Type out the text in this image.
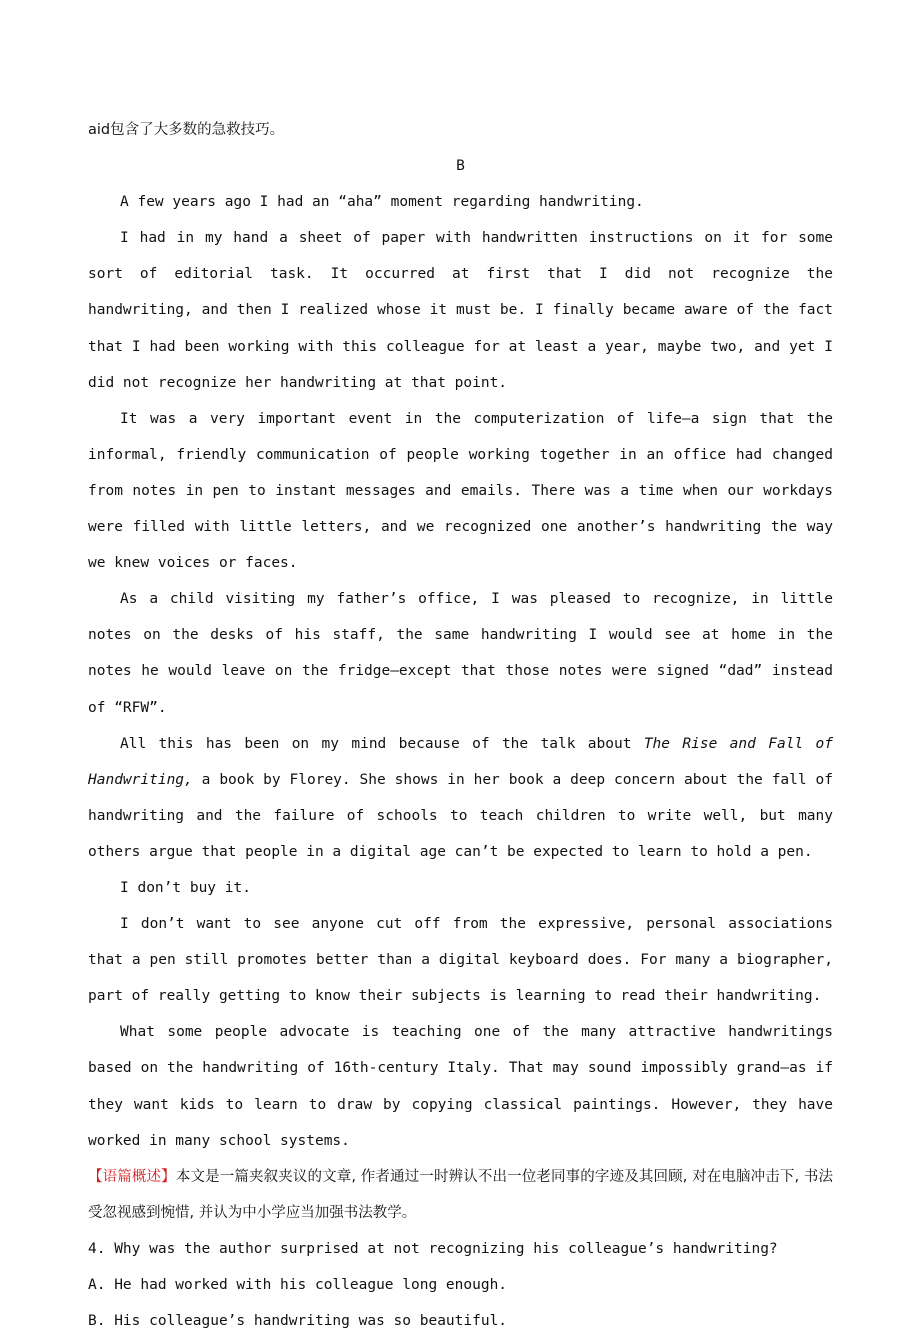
aid包含了大多数的急救技巧。
B

A few years ago I had an “aha” moment regarding handwriting.

I had in my hand a sheet of paper with handwritten instructions on it for some sort of editorial task. It occurred at first that I did not recognize the handwriting, and then I realized whose it must be. I finally became aware of the fact that I had been working with this colleague for at least a year, maybe two, and yet I did not recognize her handwriting at that point.

It was a very important event in the computerization of life—a sign that the informal, friendly communication of people working together in an office had changed from notes in pen to instant messages and emails. There was a time when our workdays were filled with little letters, and we recognized one another’s handwriting the way we knew voices or faces.

As a child visiting my father’s office, I was pleased to recognize, in little notes on the desks of his staff, the same handwriting I would see at home in the notes he would leave on the fridge—except that those notes were signed “dad” instead of “RFW”.

All this has been on my mind because of the talk about The Rise and Fall of Handwriting, a book by Florey. She shows in her book a deep concern about the fall of handwriting and the failure of schools to teach children to write well, but many others argue that people in a digital age can’t be expected to learn to hold a pen.

I don’t buy it.

I don’t want to see anyone cut off from the expressive, personal associations that a pen still promotes better than a digital keyboard does. For many a biographer, part of really getting to know their subjects is learning to read their handwriting.

What some people advocate is teaching one of the many attractive handwritings based on the handwriting of 16th-century Italy. That may sound impossibly grand—as if they want kids to learn to draw by copying classical paintings. However, they have worked in many school systems.

【语篇概述】本文是一篇夹叙夹议的文章, 作者通过一时辨认不出一位老同事的字迹及其回顾, 对在电脑冲击下, 书法受忽视感到惋惜, 并认为中小学应当加强书法教学。

4. Why was the author surprised at not recognizing his colleague’s handwriting?
A. He had worked with his colleague long enough.
B. His colleague’s handwriting was so beautiful.
